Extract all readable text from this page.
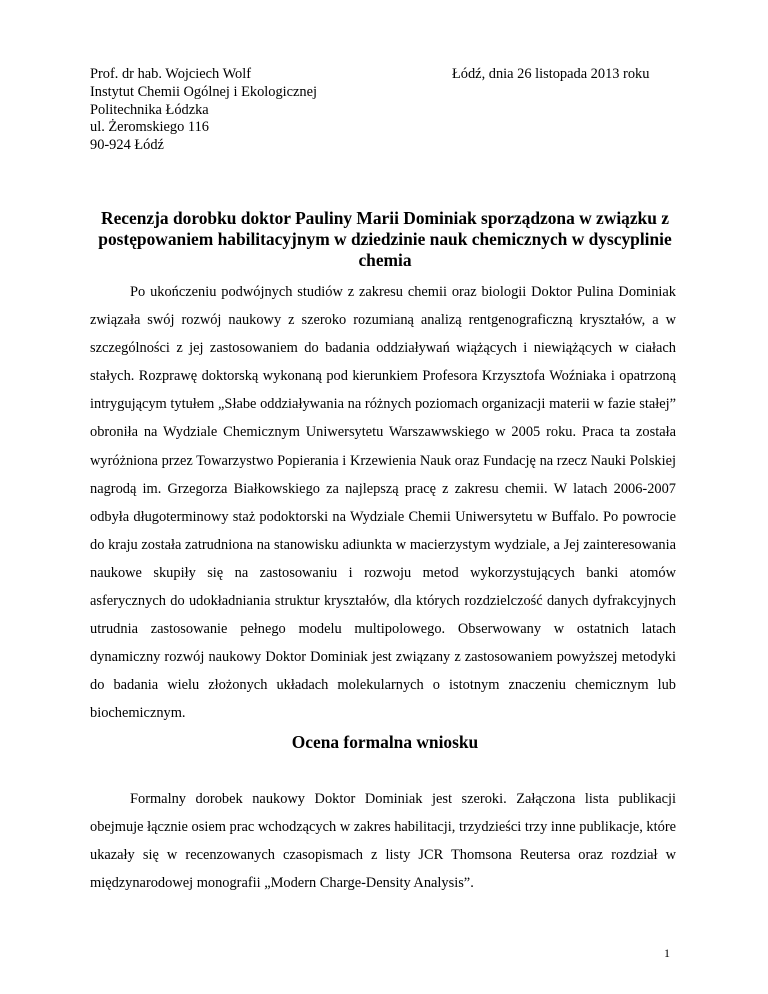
Prof. dr hab. Wojciech Wolf
Instytut Chemii Ogólnej i Ekologicznej
Politechnika Łódzka
ul. Żeromskiego 116
90-924 Łódź
Łódź, dnia 26 listopada 2013 roku
Recenzja dorobku doktor Pauliny Marii Dominiak sporządzona w związku z postępowaniem habilitacyjnym w dziedzinie nauk chemicznych w dyscyplinie chemia

Po ukończeniu podwójnych studiów z zakresu chemii oraz biologii Doktor Pulina Dominiak związała swój rozwój naukowy z szeroko rozumianą analizą rentgenograficzną kryształów, a w szczególności z jej zastosowaniem do badania oddziaływań wiążących i niewiążących w ciałach stałych. Rozprawę doktorską wykonaną pod kierunkiem Profesora Krzysztofa Woźniaka i opatrzoną intrygującym tytułem „Słabe oddziaływania na różnych poziomach organizacji materii w fazie stałej” obroniła na Wydziale Chemicznym Uniwersytetu Warszawwskiego w 2005 roku. Praca ta została wyróżniona przez Towarzystwo Popierania i Krzewienia Nauk oraz Fundację na rzecz Nauki Polskiej nagrodą im. Grzegorza Białkowskiego za najlepszą pracę z zakresu chemii. W latach 2006-2007 odbyła długoterminowy staż podoktorski na Wydziale Chemii Uniwersytetu w Buffalo. Po powrocie do kraju została zatrudniona na stanowisku adiunkta w macierzystym wydziale, a Jej zainteresowania naukowe skupiły się na zastosowaniu i rozwoju metod wykorzystujących banki atomów asferycznych do udokładniania struktur kryształów, dla których rozdzielczość danych dyfrakcyjnych utrudnia zastosowanie pełnego modelu multipolowego. Obserwowany w ostatnich latach dynamiczny rozwój naukowy Doktor Dominiak jest związany z zastosowaniem powyższej metodyki do badania wielu złożonych układach molekularnych o istotnym znaczeniu chemicznym lub biochemicznym.

Ocena formalna wniosku

Formalny dorobek naukowy Doktor Dominiak jest szeroki. Załączona lista publikacji obejmuje łącznie osiem prac wchodzących w zakres habilitacji, trzydzieści trzy inne publikacje, które ukazały się w recenzowanych czasopismach z listy JCR Thomsona Reutersa oraz rozdział w międzynarodowej monografii „Modern Charge-Density Analysis”.

1
